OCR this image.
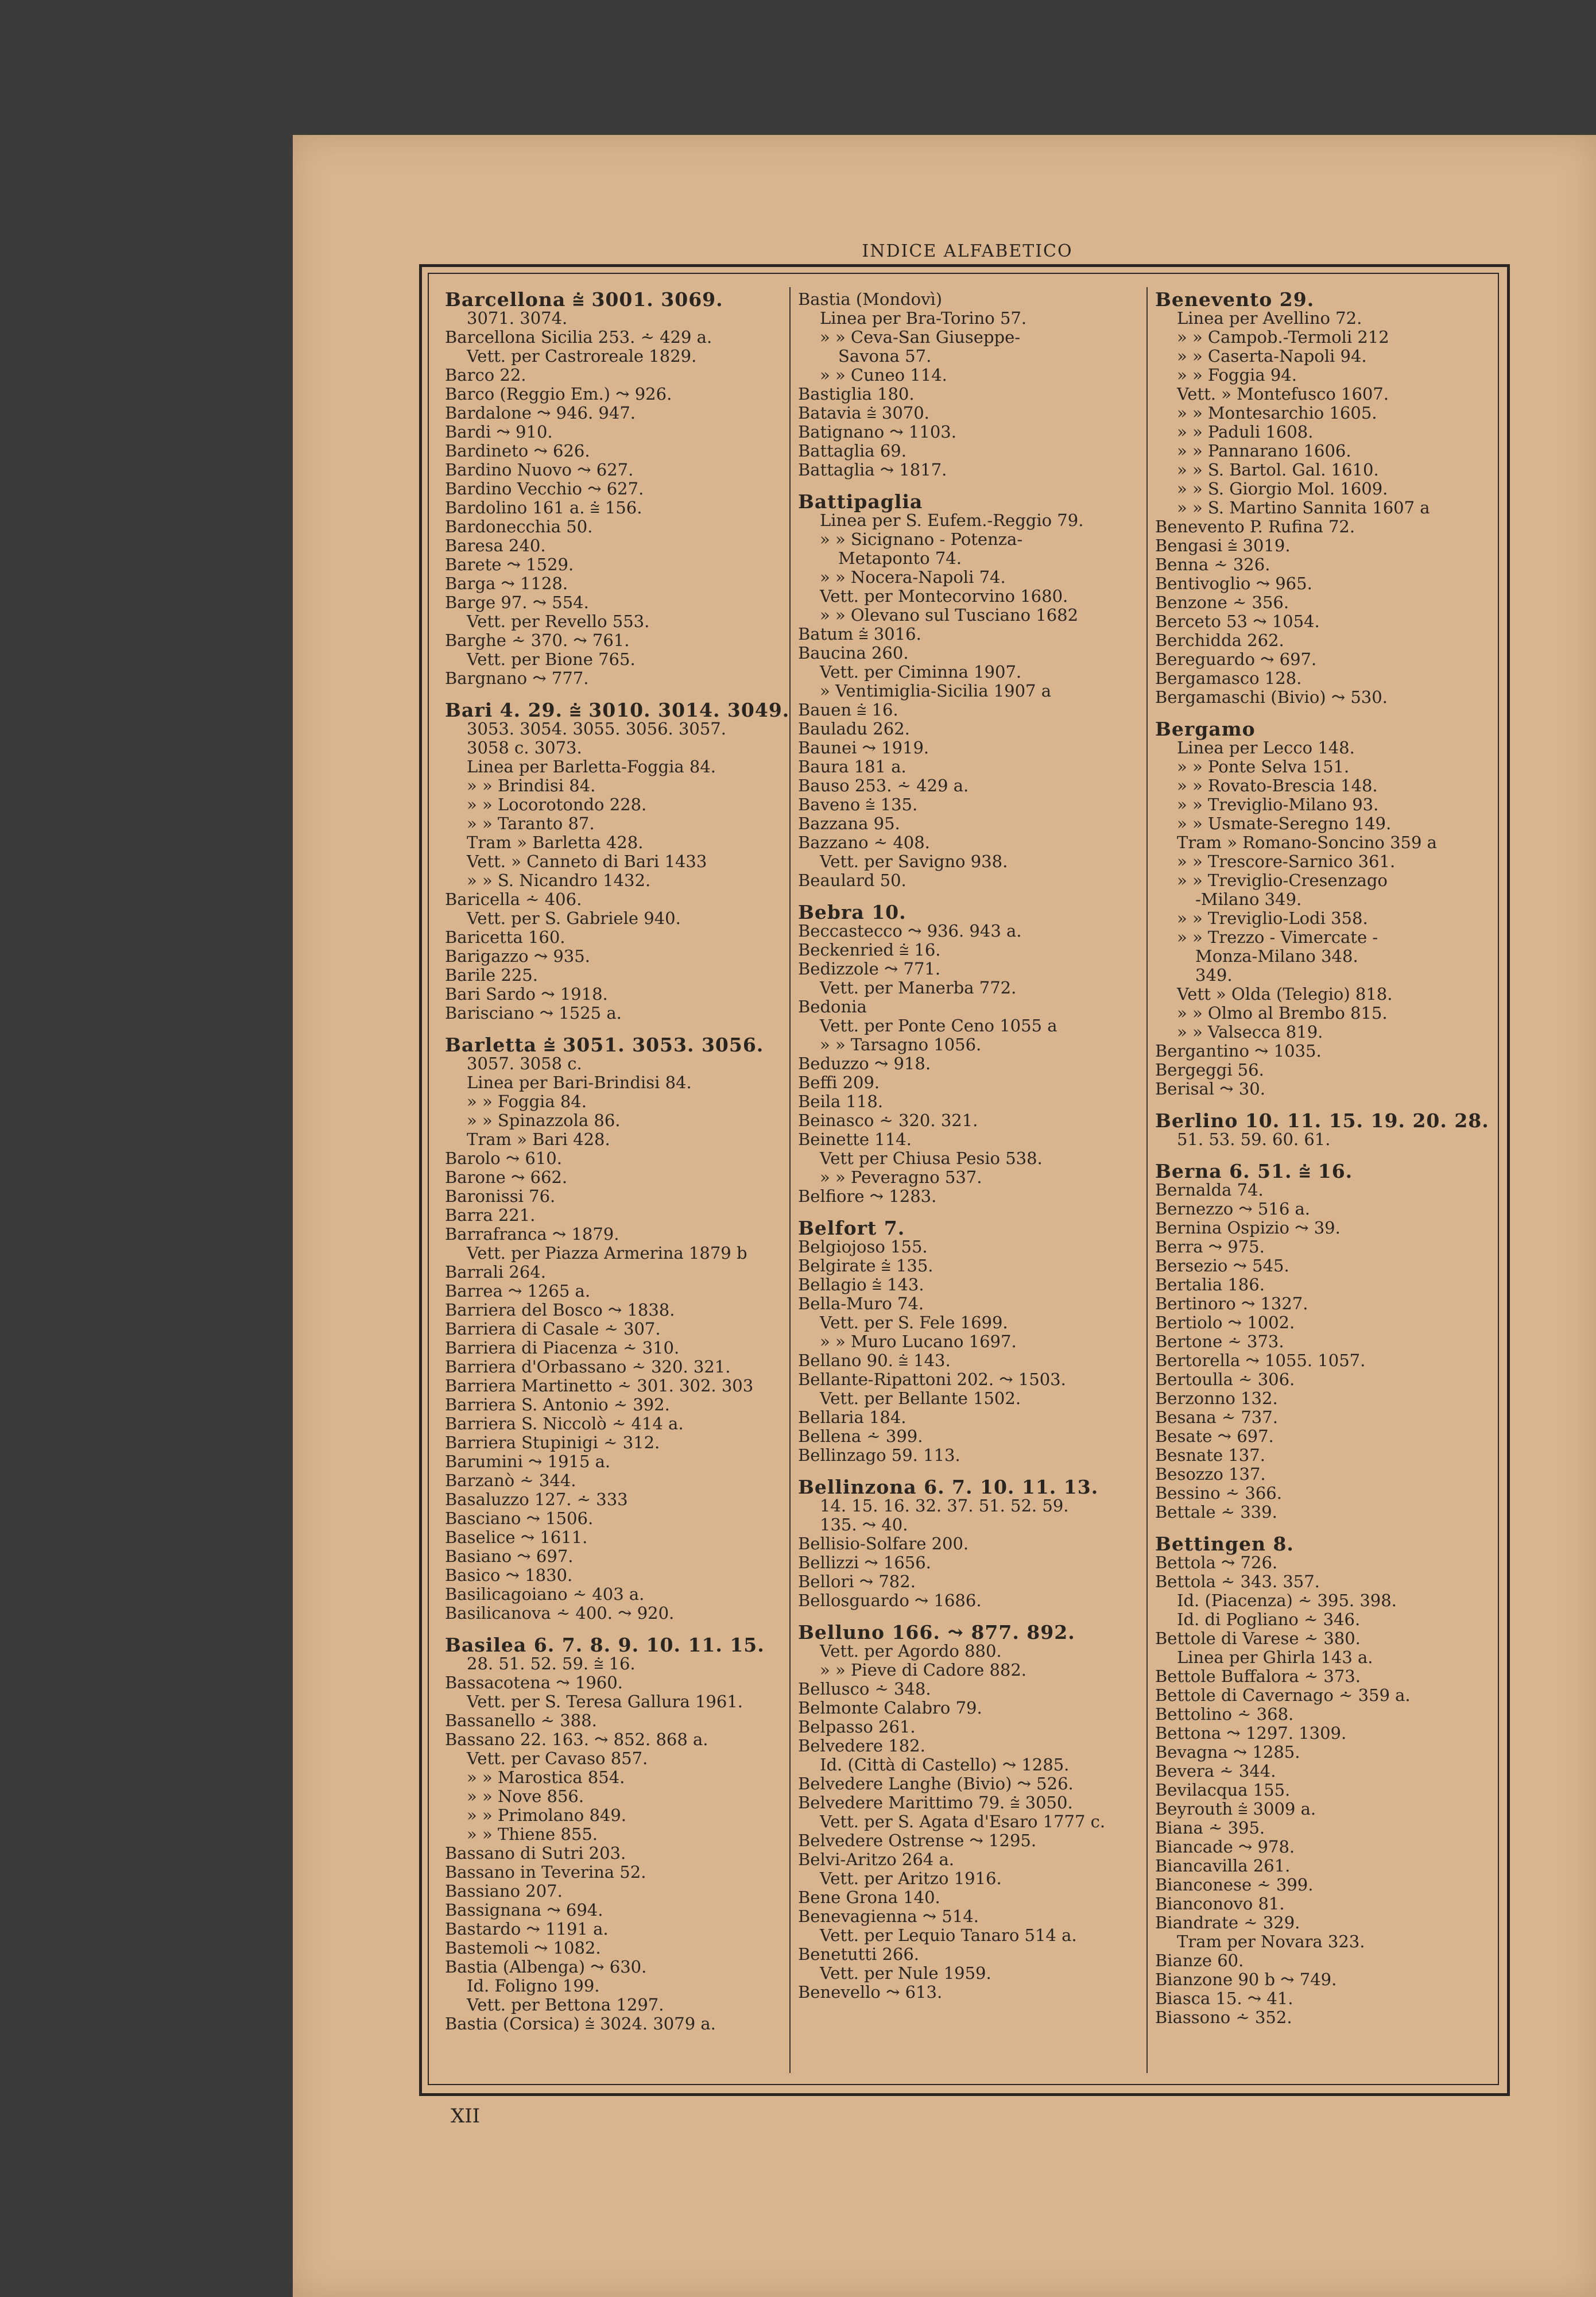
INDICE ALFABETICO
Barcellona ⩭ 3001. 3069.
3071. 3074.
Barcellona Sicilia 253. ⩪ 429 a.
Vett. per Castroreale 1829.
Barco 22.
Barco (Reggio Em.) ⤳ 926.
Bardalone ⤳ 946. 947.
Bardi ⤳ 910.
Bardineto ⤳ 626.
Bardino Nuovo ⤳ 627.
Bardino Vecchio ⤳ 627.
Bardolino 161 a. ⩭ 156.
Bardonecchia 50.
Baresa 240.
Barete ⤳ 1529.
Barga ⤳ 1128.
Barge 97. ⤳ 554.
Vett. per Revello 553.
Barghe ⩪ 370. ⤳ 761.
Vett. per Bione 765.
Bargnano ⤳ 777.
Bari 4. 29. ⩭ 3010. 3014. 3049.
3053. 3054. 3055. 3056. 3057.
3058 c. 3073.
Linea per Barletta-Foggia 84.
» » Brindisi 84.
» » Locorotondo 228.
» » Taranto 87.
Tram » Barletta 428.
Vett. » Canneto di Bari 1433
» » S. Nicandro 1432.
Baricella ⩪ 406.
Vett. per S. Gabriele 940.
Baricetta 160.
Barigazzo ⤳ 935.
Barile 225.
Bari Sardo ⤳ 1918.
Barisciano ⤳ 1525 a.
Barletta ⩭ 3051. 3053. 3056.
3057. 3058 c.
Linea per Bari-Brindisi 84.
» » Foggia 84.
» » Spinazzola 86.
Tram » Bari 428.
Barolo ⤳ 610.
Barone ⤳ 662.
Baronissi 76.
Barra 221.
Barrafranca ⤳ 1879.
Vett. per Piazza Armerina 1879 b
Barrali 264.
Barrea ⤳ 1265 a.
Barriera del Bosco ⤳ 1838.
Barriera di Casale ⩪ 307.
Barriera di Piacenza ⩪ 310.
Barriera d'Orbassano ⩪ 320. 321.
Barriera Martinetto ⩪ 301. 302. 303
Barriera S. Antonio ⩪ 392.
Barriera S. Niccolò ⩪ 414 a.
Barriera Stupinigi ⩪ 312.
Barumini ⤳ 1915 a.
Barzanò ⩪ 344.
Basaluzzo 127. ⩪ 333
Basciano ⤳ 1506.
Baselice ⤳ 1611.
Basiano ⤳ 697.
Basico ⤳ 1830.
Basilicagoiano ⩪ 403 a.
Basilicanova ⩪ 400. ⤳ 920.
Basilea 6. 7. 8. 9. 10. 11. 15.
28. 51. 52. 59. ⩭ 16.
Bassacotena ⤳ 1960.
Vett. per S. Teresa Gallura 1961.
Bassanello ⩪ 388.
Bassano 22. 163. ⤳ 852. 868 a.
Vett. per Cavaso 857.
» » Marostica 854.
» » Nove 856.
» » Primolano 849.
» » Thiene 855.
Bassano di Sutri 203.
Bassano in Teverina 52.
Bassiano 207.
Bassignana ⤳ 694.
Bastardo ⤳ 1191 a.
Bastemoli ⤳ 1082.
Bastia (Albenga) ⤳ 630.
Id. Foligno 199.
Vett. per Bettona 1297.
Bastia (Corsica) ⩭ 3024. 3079 a.
Bastia (Mondovì)
Linea per Bra-Torino 57.
» » Ceva-San Giuseppe-
Savona 57.
» » Cuneo 114.
Bastiglia 180.
Batavia ⩭ 3070.
Batignano ⤳ 1103.
Battaglia 69.
Battaglia ⤳ 1817.
Battipaglia
Linea per S. Eufem.-Reggio 79.
» » Sicignano - Potenza-
Metaponto 74.
» » Nocera-Napoli 74.
Vett. per Montecorvino 1680.
» » Olevano sul Tusciano 1682
Batum ⩭ 3016.
Baucina 260.
Vett. per Ciminna 1907.
» Ventimiglia-Sicilia 1907 a
Bauen ⩭ 16.
Bauladu 262.
Baunei ⤳ 1919.
Baura 181 a.
Bauso 253. ⩪ 429 a.
Baveno ⩭ 135.
Bazzana 95.
Bazzano ⩪ 408.
Vett. per Savigno 938.
Beaulard 50.
Bebra 10.
Beccastecco ⤳ 936. 943 a.
Beckenried ⩭ 16.
Bedizzole ⤳ 771.
Vett. per Manerba 772.
Bedonia
Vett. per Ponte Ceno 1055 a
» » Tarsagno 1056.
Beduzzo ⤳ 918.
Beffi 209.
Beila 118.
Beinasco ⩪ 320. 321.
Beinette 114.
Vett per Chiusa Pesio 538.
» » Peveragno 537.
Belfiore ⤳ 1283.
Belfort 7.
Belgiojoso 155.
Belgirate ⩭ 135.
Bellagio ⩭ 143.
Bella-Muro 74.
Vett. per S. Fele 1699.
» » Muro Lucano 1697.
Bellano 90. ⩭ 143.
Bellante-Ripattoni 202. ⤳ 1503.
Vett. per Bellante 1502.
Bellaria 184.
Bellena ⩪ 399.
Bellinzago 59. 113.
Bellinzona 6. 7. 10. 11. 13.
14. 15. 16. 32. 37. 51. 52. 59.
135. ⤳ 40.
Bellisio-Solfare 200.
Bellizzi ⤳ 1656.
Bellori ⤳ 782.
Bellosguardo ⤳ 1686.
Belluno 166. ⤳ 877. 892.
Vett. per Agordo 880.
» » Pieve di Cadore 882.
Bellusco ⩪ 348.
Belmonte Calabro 79.
Belpasso 261.
Belvedere 182.
Id. (Città di Castello) ⤳ 1285.
Belvedere Langhe (Bivio) ⤳ 526.
Belvedere Marittimo 79. ⩭ 3050.
Vett. per S. Agata d'Esaro 1777 c.
Belvedere Ostrense ⤳ 1295.
Belvi-Aritzo 264 a.
Vett. per Aritzo 1916.
Bene Grona 140.
Benevagienna ⤳ 514.
Vett. per Lequio Tanaro 514 a.
Benetutti 266.
Vett. per Nule 1959.
Benevello ⤳ 613.
Benevento 29.
Linea per Avellino 72.
» » Campob.-Termoli 212
» » Caserta-Napoli 94.
» » Foggia 94.
Vett. » Montefusco 1607.
» » Montesarchio 1605.
» » Paduli 1608.
» » Pannarano 1606.
» » S. Bartol. Gal. 1610.
» » S. Giorgio Mol. 1609.
» » S. Martino Sannita 1607 a
Benevento P. Rufina 72.
Bengasi ⩭ 3019.
Benna ⩪ 326.
Bentivoglio ⤳ 965.
Benzone ⩪ 356.
Berceto 53 ⤳ 1054.
Berchidda 262.
Bereguardo ⤳ 697.
Bergamasco 128.
Bergamaschi (Bivio) ⤳ 530.
Bergamo
Linea per Lecco 148.
» » Ponte Selva 151.
» » Rovato-Brescia 148.
» » Treviglio-Milano 93.
» » Usmate-Seregno 149.
Tram » Romano-Soncino 359 a
» » Trescore-Sarnico 361.
» » Treviglio-Cresenzago
-Milano 349.
» » Treviglio-Lodi 358.
» » Trezzo - Vimercate -
Monza-Milano 348.
349.
Vett » Olda (Telegio) 818.
» » Olmo al Brembo 815.
» » Valsecca 819.
Bergantino ⤳ 1035.
Bergeggi 56.
Berisal ⤳ 30.
Berlino 10. 11. 15. 19. 20. 28.
51. 53. 59. 60. 61.
Berna 6. 51. ⩭ 16.
Bernalda 74.
Bernezzo ⤳ 516 a.
Bernina Ospizio ⤳ 39.
Berra ⤳ 975.
Bersezio ⤳ 545.
Bertalia 186.
Bertinoro ⤳ 1327.
Bertiolo ⤳ 1002.
Bertone ⩪ 373.
Bertorella ⤳ 1055. 1057.
Bertoulla ⩪ 306.
Berzonno 132.
Besana ⩪ 737.
Besate ⤳ 697.
Besnate 137.
Besozzo 137.
Bessino ⩪ 366.
Bettale ⩪ 339.
Bettingen 8.
Bettola ⤳ 726.
Bettola ⩪ 343. 357.
Id. (Piacenza) ⩪ 395. 398.
Id. di Pogliano ⩪ 346.
Bettole di Varese ⩪ 380.
Linea per Ghirla 143 a.
Bettole Buffalora ⩪ 373.
Bettole di Cavernago ⩪ 359 a.
Bettolino ⩪ 368.
Bettona ⤳ 1297. 1309.
Bevagna ⤳ 1285.
Bevera ⩪ 344.
Bevilacqua 155.
Beyrouth ⩭ 3009 a.
Biana ⩪ 395.
Biancade ⤳ 978.
Biancavilla 261.
Bianconese ⩪ 399.
Bianconovo 81.
Biandrate ⩪ 329.
Tram per Novara 323.
Bianze 60.
Bianzone 90 b ⤳ 749.
Biasca 15. ⤳ 41.
Biassono ⩪ 352.
XII
